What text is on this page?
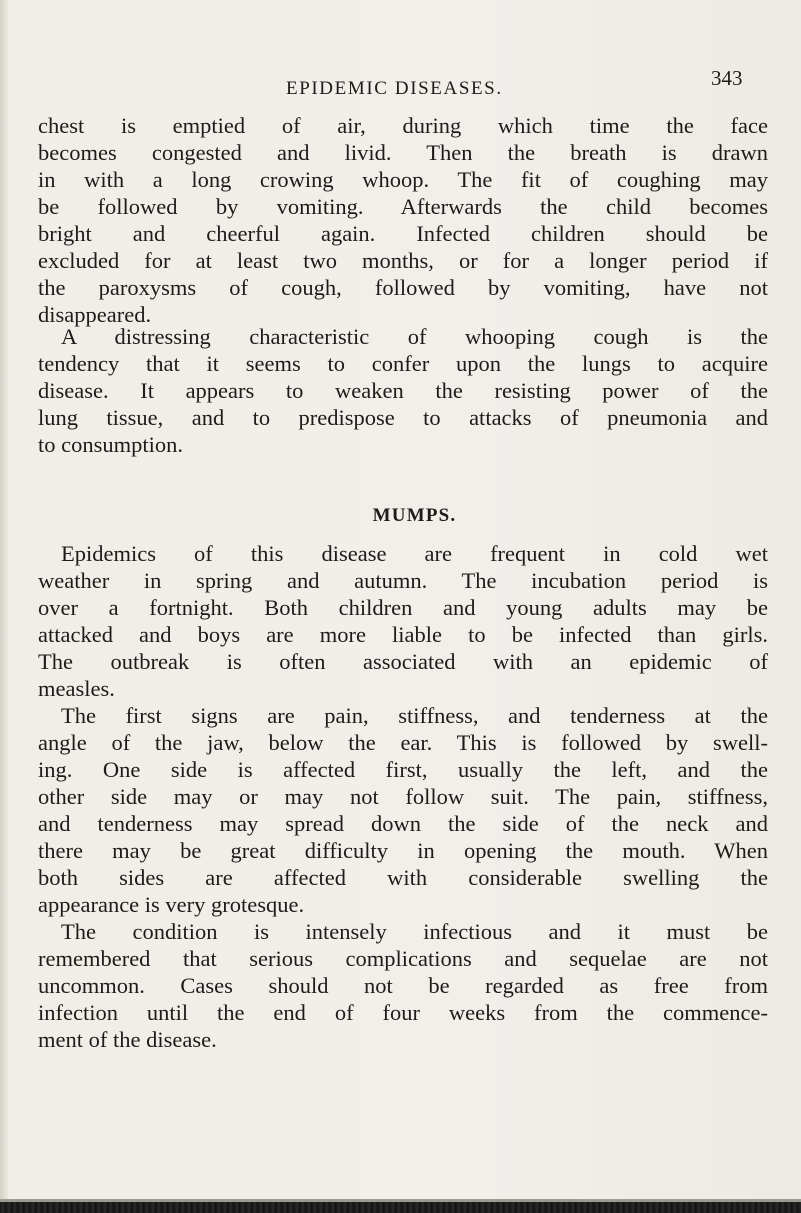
EPIDEMIC DISEASES.	343
chest is emptied of air, during which time the face
becomes congested and livid. Then the breath is drawn
in with a long crowing whoop. The fit of coughing may
be followed by vomiting. Afterwards the child becomes
bright and cheerful again. Infected children should be
excluded for at least two months, or for a longer period if
the paroxysms of cough, followed by vomiting, have not
disappeared.
A distressing characteristic of whooping cough is the
tendency that it seems to confer upon the lungs to acquire
disease. It appears to weaken the resisting power of the
lung tissue, and to predispose to attacks of pneumonia and
to consumption.
MUMPS.
Epidemics of this disease are frequent in cold wet
weather in spring and autumn. The incubation period is
over a fortnight. Both children and young adults may be
attacked and boys are more liable to be infected than girls.
The outbreak is often associated with an epidemic of
measles.
The first signs are pain, stiffness, and tenderness at the
angle of the jaw, below the ear. This is followed by swell-
ing. One side is affected first, usually the left, and the
other side may or may not follow suit. The pain, stiffness,
and tenderness may spread down the side of the neck and
there may be great difficulty in opening the mouth. When
both sides are affected with considerable swelling the
appearance is very grotesque.
The condition is intensely infectious and it must be
remembered that serious complications and sequelae are not
uncommon. Cases should not be regarded as free from
infection until the end of four weeks from the commence-
ment of the disease.
